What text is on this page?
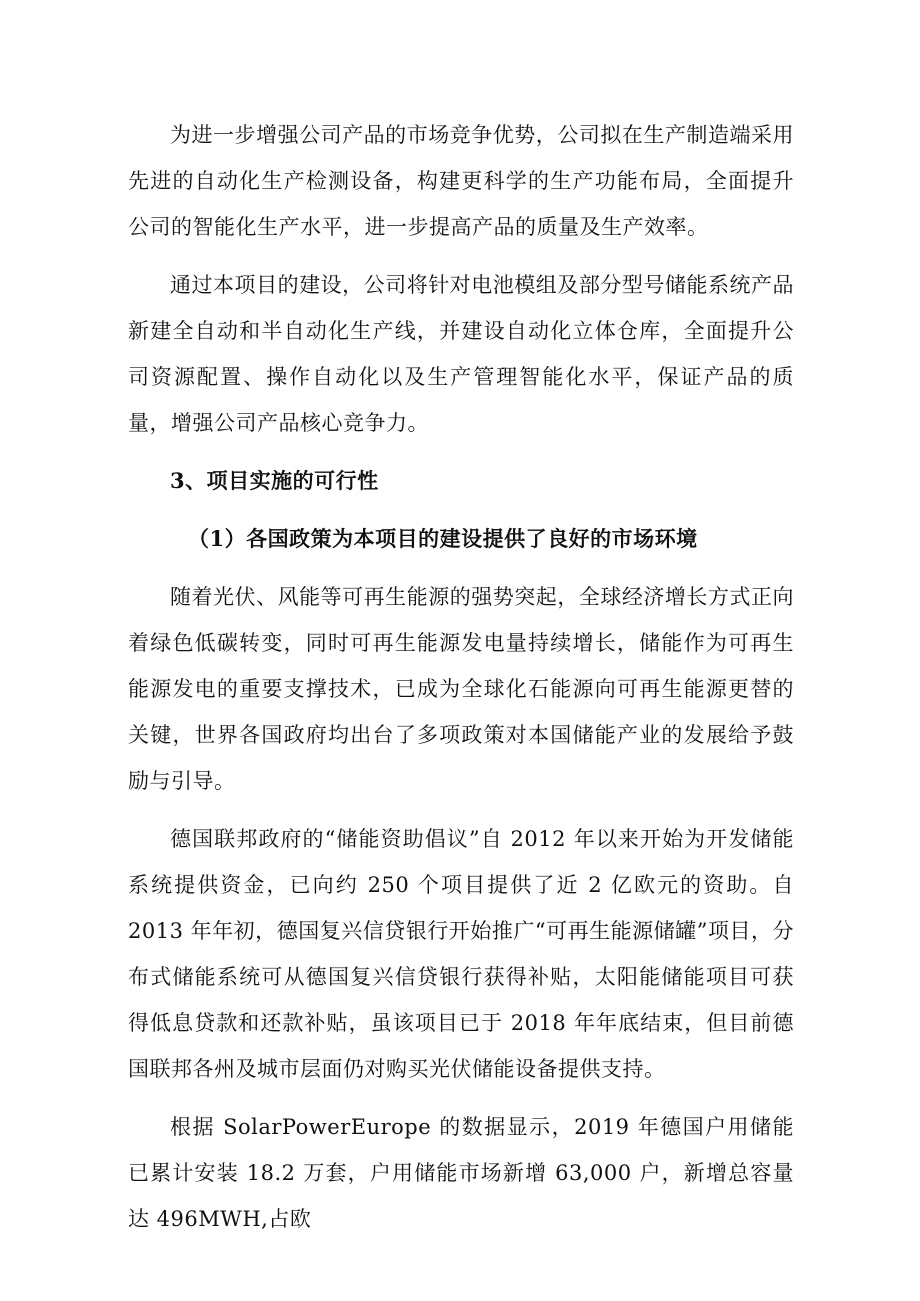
为进一步增强公司产品的市场竞争优势，公司拟在生产制造端采用先进的自动化生产检测设备，构建更科学的生产功能布局，全面提升公司的智能化生产水平，进一步提高产品的质量及生产效率。

通过本项目的建设，公司将针对电池模组及部分型号储能系统产品新建全自动和半自动化生产线，并建设自动化立体仓库，全面提升公司资源配置、操作自动化以及生产管理智能化水平，保证产品的质量，增强公司产品核心竞争力。

3、项目实施的可行性
（1）各国政策为本项目的建设提供了良好的市场环境

随着光伏、风能等可再生能源的强势突起，全球经济增长方式正向着绿色低碳转变，同时可再生能源发电量持续增长，储能作为可再生能源发电的重要支撑技术，已成为全球化石能源向可再生能源更替的关键，世界各国政府均出台了多项政策对本国储能产业的发展给予鼓励与引导。

德国联邦政府的“储能资助倡议”自 2012 年以来开始为开发储能系统提供资金，已向约 250 个项目提供了近 2 亿欧元的资助。自 2013 年年初，德国复兴信贷银行开始推广“可再生能源储罐”项目，分布式储能系统可从德国复兴信贷银行获得补贴，太阳能储能项目可获得低息贷款和还款补贴，虽该项目已于 2018 年年底结束，但目前德国联邦各州及城市层面仍对购买光伏储能设备提供支持。

根据 SolarPowerEurope 的数据显示，2019 年德国户用储能已累计安装 18.2 万套，户用储能市场新增 63,000 户，新增总容量达 496MWH,占欧
